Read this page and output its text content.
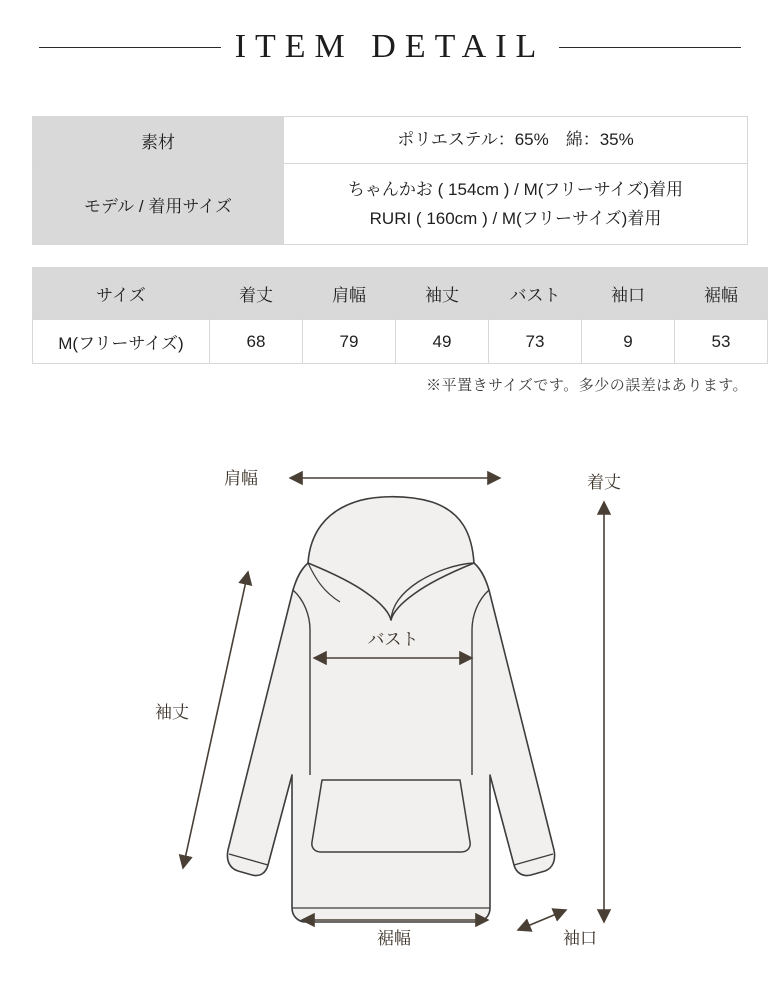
ITEM DETAIL
素材	ポリエステル：65%　綿：35%

モデル / 着用サイズ	ちゃんかお ( 154cm ) / M(フリーサイズ)着用
RURI ( 160cm ) / M(フリーサイズ)着用
サイズ	着丈	肩幅	袖丈	バスト	袖口	裾幅
M(フリーサイズ)	68	79	49	73	9	53
※平置きサイズです。多少の誤差はあります。
肩幅	着丈
バスト
袖丈
裾幅	袖口
